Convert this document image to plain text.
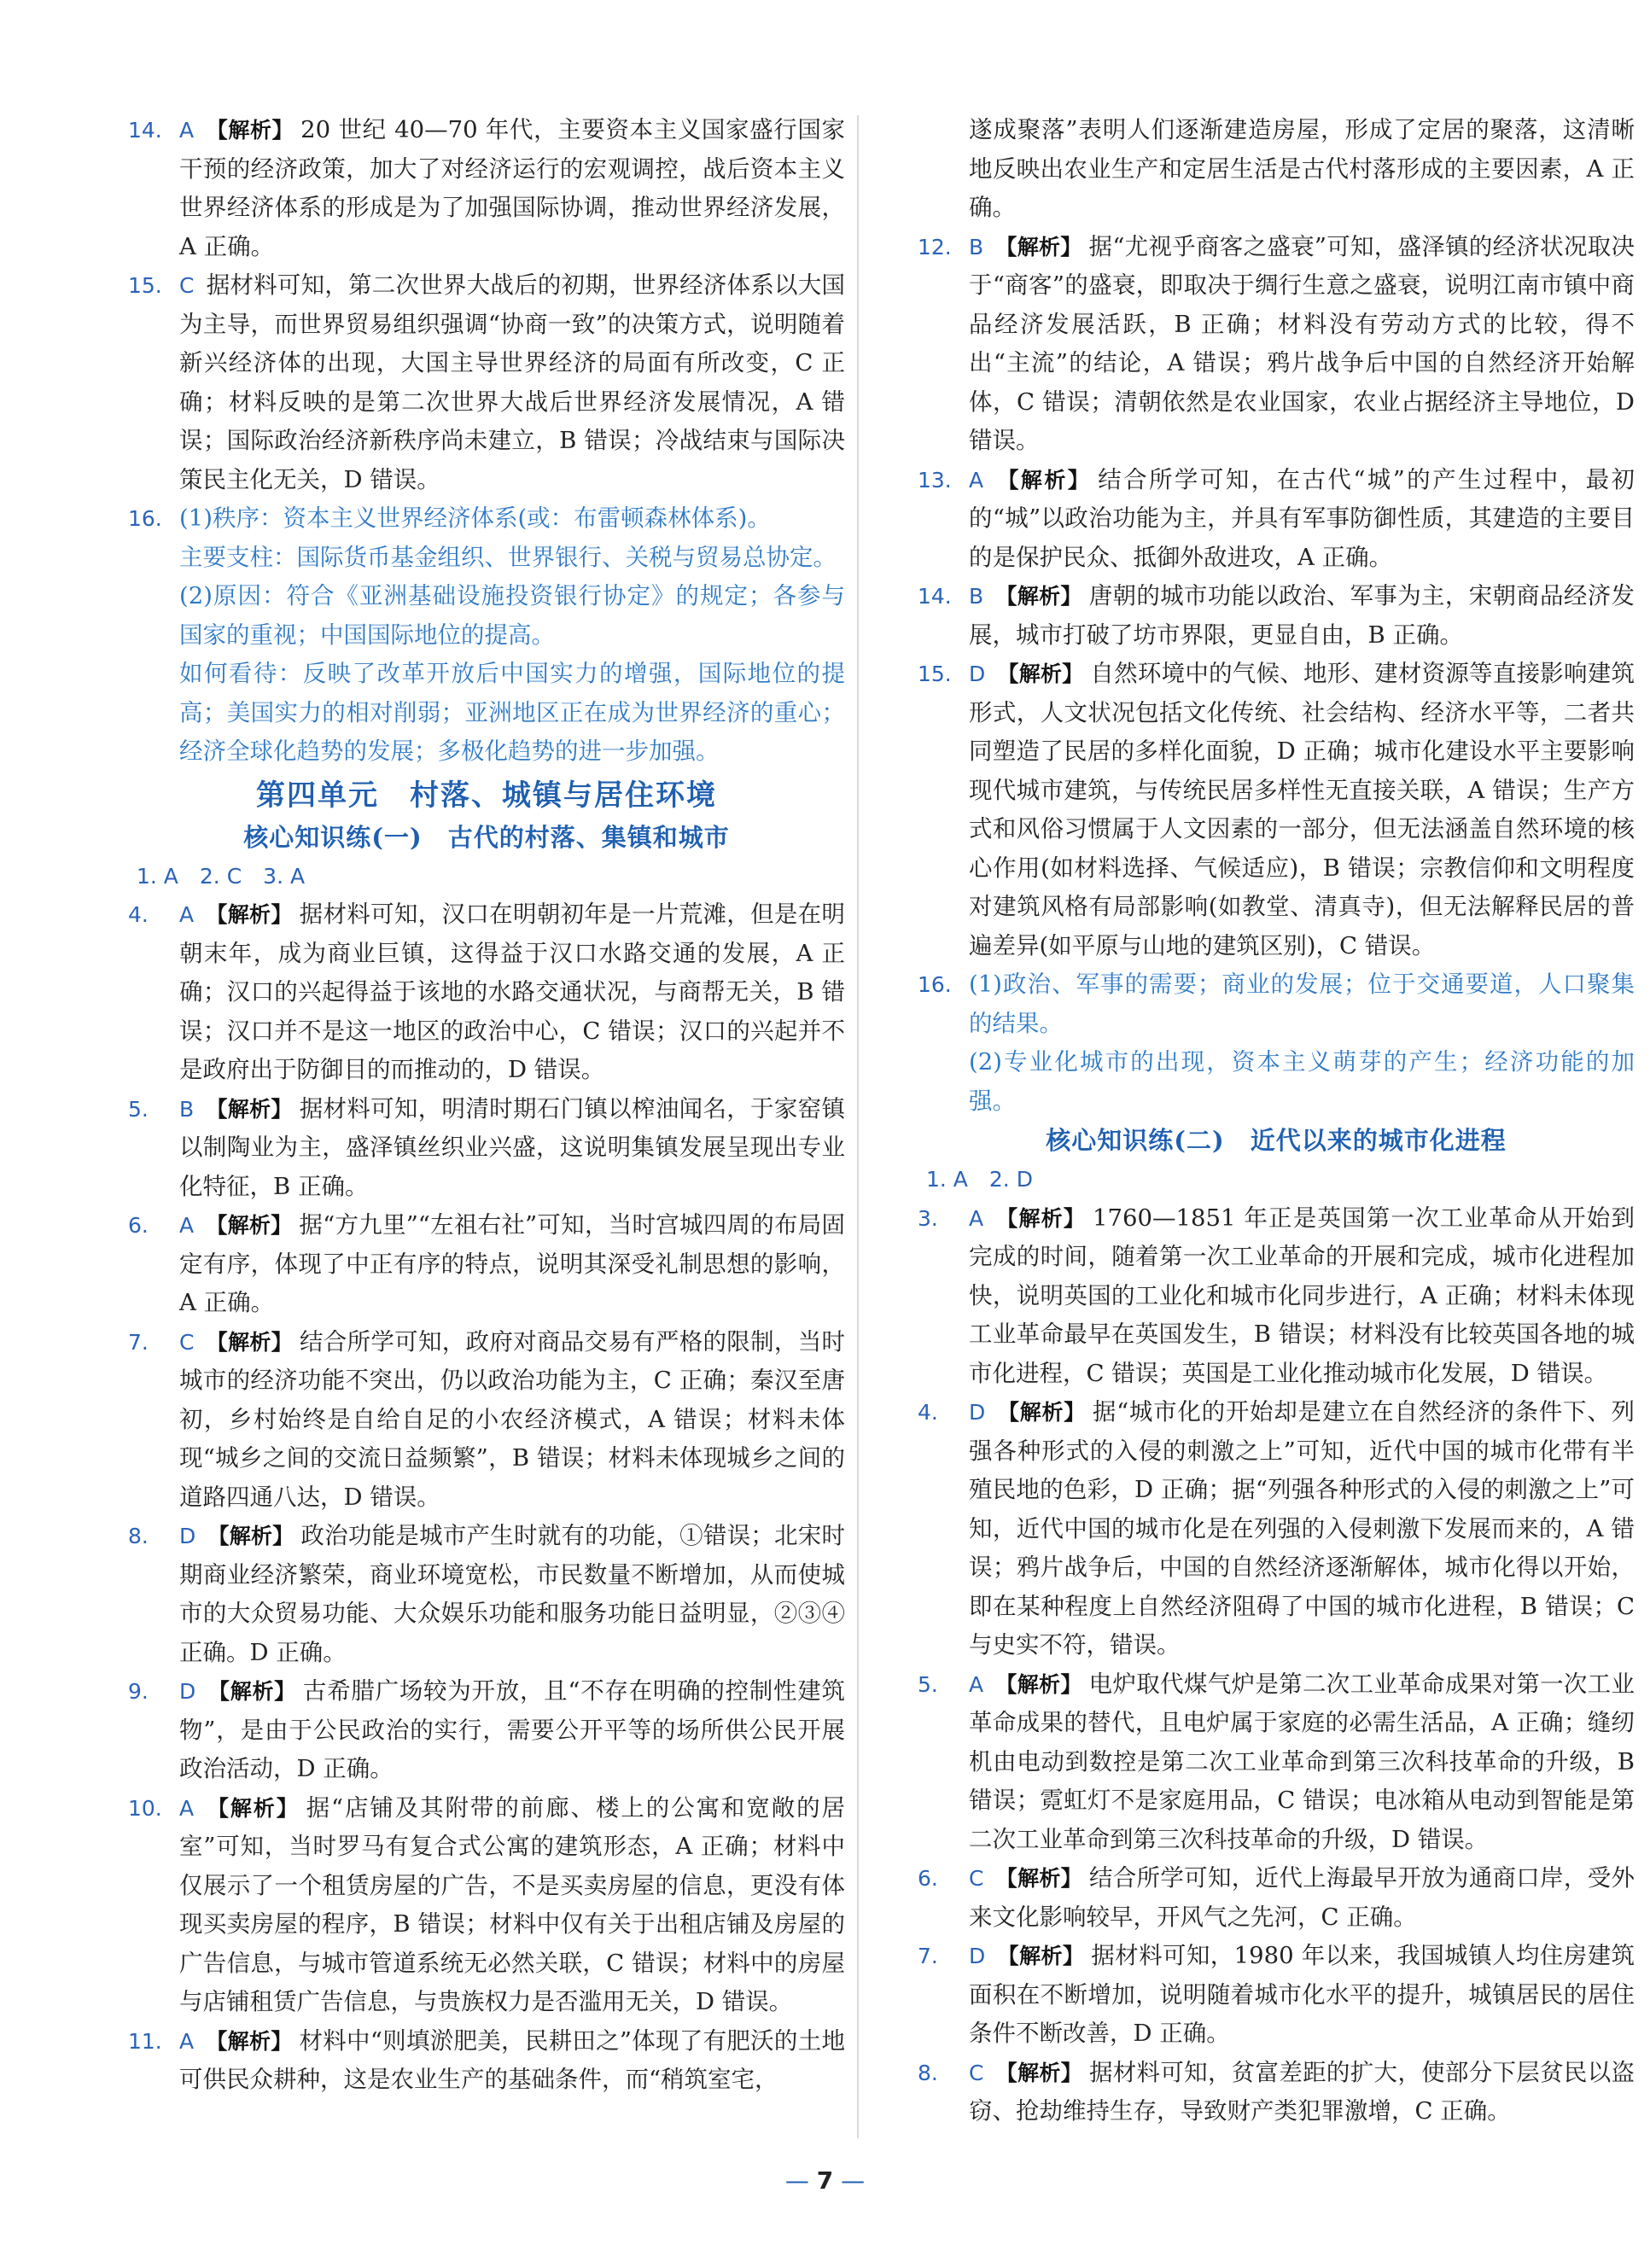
14. A 【解析】 20 世纪 40—70 年代，主要资本主义国家盛行国家干预的经济政策，加大了对经济运行的宏观调控，战后资本主义世界经济体系的形成是为了加强国际协调，推动世界经济发展，A 正确。
15. C 据材料可知，第二次世界大战后的初期，世界经济体系以大国为主导，而世界贸易组织强调“协商一致”的决策方式，说明随着新兴经济体的出现，大国主导世界经济的局面有所改变，C 正确；材料反映的是第二次世界大战后世界经济发展情况，A 错误；国际政治经济新秩序尚未建立，B 错误；冷战结束与国际决策民主化无关，D 错误。
16. (1)秩序：资本主义世界经济体系(或：布雷顿森林体系)。
主要支柱：国际货币基金组织、世界银行、关税与贸易总协定。
(2)原因：符合《亚洲基础设施投资银行协定》的规定；各参与国家的重视；中国国际地位的提高。
如何看待：反映了改革开放后中国实力的增强，国际地位的提高；美国实力的相对削弱；亚洲地区正在成为世界经济的重心；经济全球化趋势的发展；多极化趋势的进一步加强。
第四单元　村落、城镇与居住环境
核心知识练(一)　古代的村落、集镇和城市
1. A　2. C　3. A
4. A 【解析】 据材料可知，汉口在明朝初年是一片荒滩，但是在明朝末年，成为商业巨镇，这得益于汉口水路交通的发展，A 正确；汉口的兴起得益于该地的水路交通状况，与商帮无关，B 错误；汉口并不是这一地区的政治中心，C 错误；汉口的兴起并不是政府出于防御目的而推动的，D 错误。
5. B 【解析】 据材料可知，明清时期石门镇以榨油闻名，于家窑镇以制陶业为主，盛泽镇丝织业兴盛，这说明集镇发展呈现出专业化特征，B 正确。
6. A 【解析】 据“方九里”“左祖右社”可知，当时宫城四周的布局固定有序，体现了中正有序的特点，说明其深受礼制思想的影响，A 正确。
7. C 【解析】 结合所学可知，政府对商品交易有严格的限制，当时城市的经济功能不突出，仍以政治功能为主，C 正确；秦汉至唐初，乡村始终是自给自足的小农经济模式，A 错误；材料未体现“城乡之间的交流日益频繁”，B 错误；材料未体现城乡之间的道路四通八达，D 错误。
8. D 【解析】 政治功能是城市产生时就有的功能，①错误；北宋时期商业经济繁荣，商业环境宽松，市民数量不断增加，从而使城市的大众贸易功能、大众娱乐功能和服务功能日益明显，②③④正确。D 正确。
9. D 【解析】 古希腊广场较为开放，且“不存在明确的控制性建筑物”，是由于公民政治的实行，需要公开平等的场所供公民开展政治活动，D 正确。
10. A 【解析】 据“店铺及其附带的前廊、楼上的公寓和宽敞的居室”可知，当时罗马有复合式公寓的建筑形态，A 正确；材料中仅展示了一个租赁房屋的广告，不是买卖房屋的信息，更没有体现买卖房屋的程序，B 错误；材料中仅有关于出租店铺及房屋的广告信息，与城市管道系统无必然关联，C 错误；材料中的房屋与店铺租赁广告信息，与贵族权力是否滥用无关，D 错误。
11. A 【解析】 材料中“则填淤肥美，民耕田之”体现了有肥沃的土地可供民众耕种，这是农业生产的基础条件，而“稍筑室宅，
遂成聚落”表明人们逐渐建造房屋，形成了定居的聚落，这清晰地反映出农业生产和定居生活是古代村落形成的主要因素，A 正确。
12. B 【解析】 据“尤视乎商客之盛衰”可知，盛泽镇的经济状况取决于“商客”的盛衰，即取决于绸行生意之盛衰，说明江南市镇中商品经济发展活跃，B 正确；材料没有劳动方式的比较，得不出“主流”的结论，A 错误；鸦片战争后中国的自然经济开始解体，C 错误；清朝依然是农业国家，农业占据经济主导地位，D 错误。
13. A 【解析】 结合所学可知，在古代“城”的产生过程中，最初的“城”以政治功能为主，并具有军事防御性质，其建造的主要目的是保护民众、抵御外敌进攻，A 正确。
14. B 【解析】 唐朝的城市功能以政治、军事为主，宋朝商品经济发展，城市打破了坊市界限，更显自由，B 正确。
15. D 【解析】 自然环境中的气候、地形、建材资源等直接影响建筑形式，人文状况包括文化传统、社会结构、经济水平等，二者共同塑造了民居的多样化面貌，D 正确；城市化建设水平主要影响现代城市建筑，与传统民居多样性无直接关联，A 错误；生产方式和风俗习惯属于人文因素的一部分，但无法涵盖自然环境的核心作用(如材料选择、气候适应)，B 错误；宗教信仰和文明程度对建筑风格有局部影响(如教堂、清真寺)，但无法解释民居的普遍差异(如平原与山地的建筑区别)，C 错误。
16. (1)政治、军事的需要；商业的发展；位于交通要道，人口聚集的结果。
(2)专业化城市的出现，资本主义萌芽的产生；经济功能的加强。
核心知识练(二)　近代以来的城市化进程
1. A　2. D
3. A 【解析】 1760—1851 年正是英国第一次工业革命从开始到完成的时间，随着第一次工业革命的开展和完成，城市化进程加快，说明英国的工业化和城市化同步进行，A 正确；材料未体现工业革命最早在英国发生，B 错误；材料没有比较英国各地的城市化进程，C 错误；英国是工业化推动城市化发展，D 错误。
4. D 【解析】 据“城市化的开始却是建立在自然经济的条件下、列强各种形式的入侵的刺激之上”可知，近代中国的城市化带有半殖民地的色彩，D 正确；据“列强各种形式的入侵的刺激之上”可知，近代中国的城市化是在列强的入侵刺激下发展而来的，A 错误；鸦片战争后，中国的自然经济逐渐解体，城市化得以开始，即在某种程度上自然经济阻碍了中国的城市化进程，B 错误；C 与史实不符，错误。
5. A 【解析】 电炉取代煤气炉是第二次工业革命成果对第一次工业革命成果的替代，且电炉属于家庭的必需生活品，A 正确；缝纫机由电动到数控是第二次工业革命到第三次科技革命的升级，B 错误；霓虹灯不是家庭用品，C 错误；电冰箱从电动到智能是第二次工业革命到第三次科技革命的升级，D 错误。
6. C 【解析】 结合所学可知，近代上海最早开放为通商口岸，受外来文化影响较早，开风气之先河，C 正确。
7. D 【解析】 据材料可知，1980 年以来，我国城镇人均住房建筑面积在不断增加，说明随着城市化水平的提升，城镇居民的居住条件不断改善，D 正确。
8. C 【解析】 据材料可知，贫富差距的扩大，使部分下层贫民以盗窃、抢劫维持生存，导致财产类犯罪激增，C 正确。
— 7 —
